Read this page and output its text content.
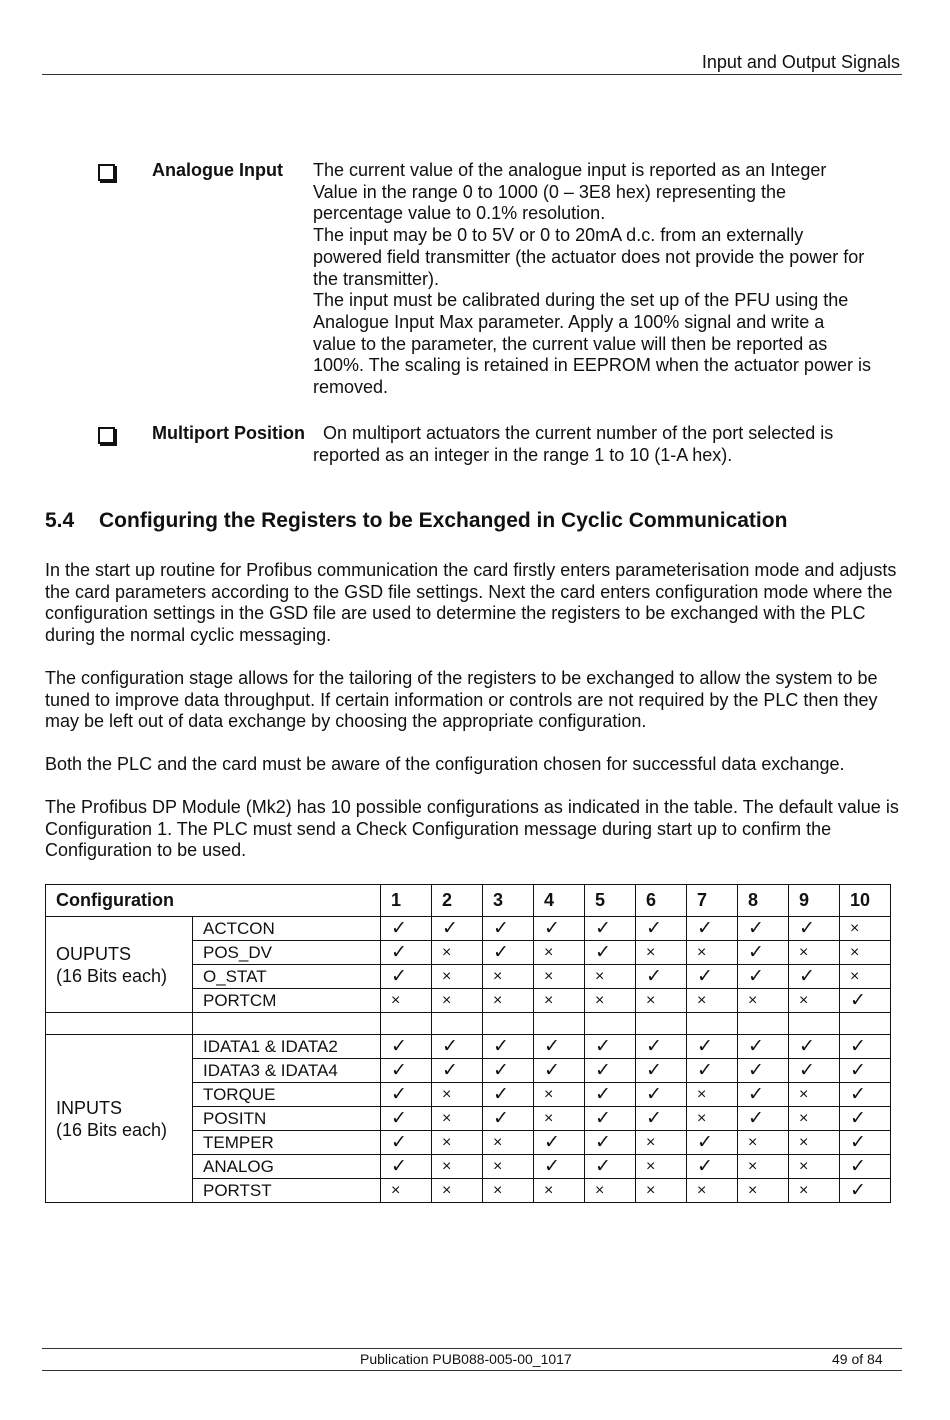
Input and Output Signals
Analogue Input The current value of the analogue input is reported as an Integer

Value in the range 0 to 1000 (0 – 3E8 hex) representing the

percentage value to 0.1% resolution.

The input may be 0 to 5V or 0 to 20mA d.c. from an externally

powered field transmitter (the actuator does not provide the power for

the transmitter).

The input must be calibrated during the set up of the PFU using the

Analogue Input Max parameter. Apply a 100% signal and write a

value to the parameter, the current value will then be reported as

100%. The scaling is retained in EEPROM when the actuator power is

removed.

Multiport Position	On multiport actuators the current number of the port selected is

reported as an integer in the range 1 to 10 (1-A hex).

5.4 Configuring the Registers to be Exchanged in Cyclic Communication

In the start up routine for Profibus communication the card firstly enters parameterisation mode and adjusts the card parameters according to the GSD file settings. Next the card enters configuration mode where the configuration settings in the GSD file are used to determine the registers to be exchanged with the PLC during the normal cyclic messaging.

The configuration stage allows for the tailoring of the registers to be exchanged to allow the system to be tuned to improve data throughput. If certain information or controls are not required by the PLC then they may be left out of data exchange by choosing the appropriate configuration.

Both the PLC and the card must be aware of the configuration chosen for successful data exchange.

The Profibus DP Module (Mk2) has 10 possible configurations as indicated in the table. The default value is Configuration 1. The PLC must send a Check Configuration message during start up to confirm the Configuration to be used.

Configuration		1	2	3	4	5	6	7	8	9	10

OUPUTS
(16 Bits each)	ACTCON	✓	✓	✓	✓	✓	✓	✓	✓	✓	×
	POS_DV	✓	×	✓	×	✓	×	×	✓	×	×
	O_STAT	✓	×	×	×	×	✓	✓	✓	✓	×
	PORTCM	×	×	×	×	×	×	×	×	×	✓

INPUTS
(16 Bits each)	IDATA1 & IDATA2	✓	✓	✓	✓	✓	✓	✓	✓	✓	✓
	IDATA3 & IDATA4	✓	✓	✓	✓	✓	✓	✓	✓	✓	✓
	TORQUE	✓	×	✓	×	✓	✓	×	✓	×	✓
	POSITN	✓	×	✓	×	✓	✓	×	✓	×	✓
	TEMPER	✓	×	×	✓	✓	×	✓	×	×	✓
	ANALOG	✓	×	×	✓	✓	×	✓	×	×	✓
	PORTST	×	×	×	×	×	×	×	×	×	✓
Publication PUB088-005-00_1017	49 of 84
